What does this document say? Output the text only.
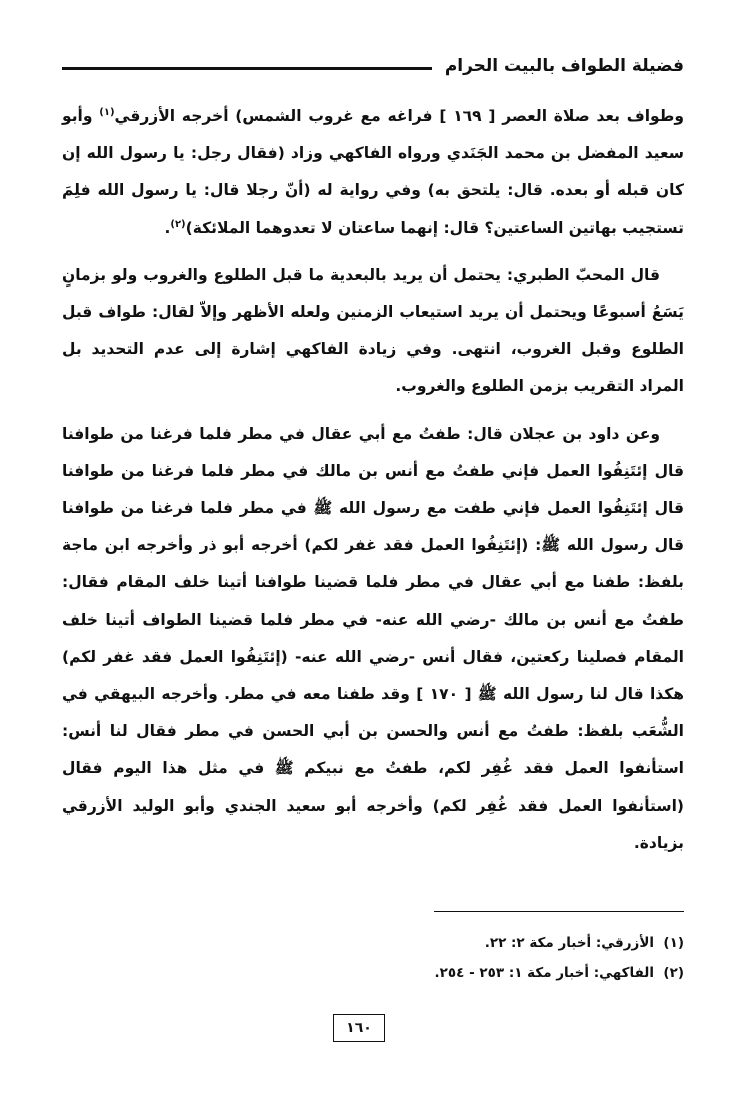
فضيلة الطواف بالبيت الحرام

وطواف بعد صلاة العصر [ ١٦٩ ] فراغه مع غروب الشمس) أخرجه الأزرقي$^{(١)}$ وأبو سعيد المفضل بن محمد الجَنَدي ورواه الفاكهي وزاد (فقال رجل: يا رسول الله إن كان قبله أو بعده. قال: يلتحق به) وفي رواية له (أنّ رجلا قال: يا رسول الله فلِمَ تستجيب بهاتين الساعتين؟ قال: إنهما ساعتان لا تعدوهما الملائكة)$^{(٢)}$.

قال المحبّ الطبري: يحتمل أن يريد بالبعدية ما قبل الطلوع والغروب ولو بزمانٍ يَسَعُ أسبوعًا ويحتمل أن يريد استيعاب الزمنين ولعله الأظهر وإلاّ لقال: طواف قبل الطلوع وقبل الغروب، انتهى. وفي زيادة الفاكهي إشارة إلى عدم التحديد بل المراد التقريب بزمن الطلوع والغروب.

وعن داود بن عجلان قال: طفتُ مع أبي عقال في مطر فلما فرغنا من طوافنا قال إئتَنِفُوا العمل فإني طفتُ مع أنس بن مالك في مطر فلما فرغنا من طوافنا قال إئتَنِفُوا العمل فإني طفت مع رسول الله ﷺ في مطر فلما فرغنا من طوافنا قال رسول الله ﷺ: (إئتَنِفُوا العمل فقد غفر لكم) أخرجه أبو ذر وأخرجه ابن ماجة بلفظ: طفنا مع أبي عقال في مطر فلما قضينا طوافنا أتينا خلف المقام فقال: طفتُ مع أنس بن مالك -رضي الله عنه- في مطر فلما قضينا الطواف أتينا خلف المقام فصلينا ركعتين، فقال أنس -رضي الله عنه- (إئتَنِفُوا العمل فقد غفر لكم) هكذا قال لنا رسول الله ﷺ [ ١٧٠ ] وقد طفنا معه في مطر. وأخرجه البيهقي في الشُّعَب بلفظ: طفتُ مع أنس والحسن بن أبي الحسن في مطر فقال لنا أنس: استأنفوا العمل فقد غُفِر لكم، طفتُ مع نبيكم ﷺ في مثل هذا اليوم فقال (استأنفوا العمل فقد غُفِر لكم) وأخرجه أبو سعيد الجندي وأبو الوليد الأزرقي بزيادة.

(١)الأزرقي: أخبار مكة ٢: ٢٢.

(٢)الفاكهي: أخبار مكة ١: ٢٥٣ - ٢٥٤.

١٦٠
